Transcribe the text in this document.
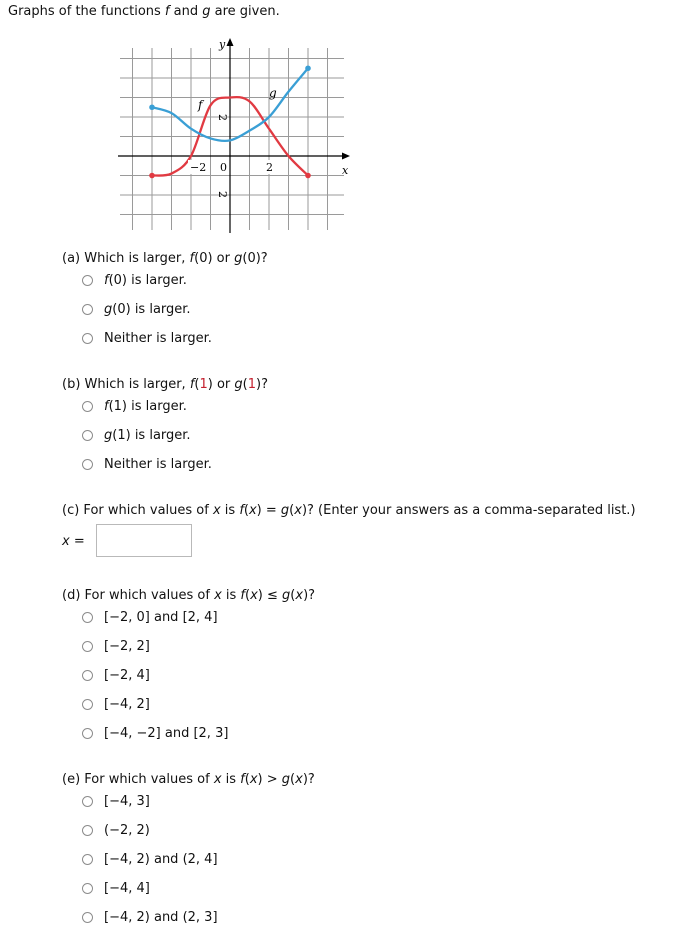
Graphs of the functions f and g are given.
−2 0	2
2
2
y
x
f
g
(a) Which is larger, f(0) or g(0)?
f (0) is larger.
g (0) is larger.
Neither is larger.
(b) Which is larger, f(1) or g(1)?
f (1) is larger.
g (1) is larger.
Neither is larger.
(c) For which values of x is f(x) = g(x)? (Enter your answers as a comma-separated list.)
x =
(d) For which values of x is f(x) ≤ g(x)?
[−2, 0] and [2, 4]
[−2, 2]
[−2, 4]
[−4, 2]
[−4, −2] and [2, 3]
(e) For which values of x is f(x) > g(x)?
[−4, 3]
(−2, 2)
[−4, 2) and (2, 4]
[−4, 4]
[−4, 2) and (2, 3]
